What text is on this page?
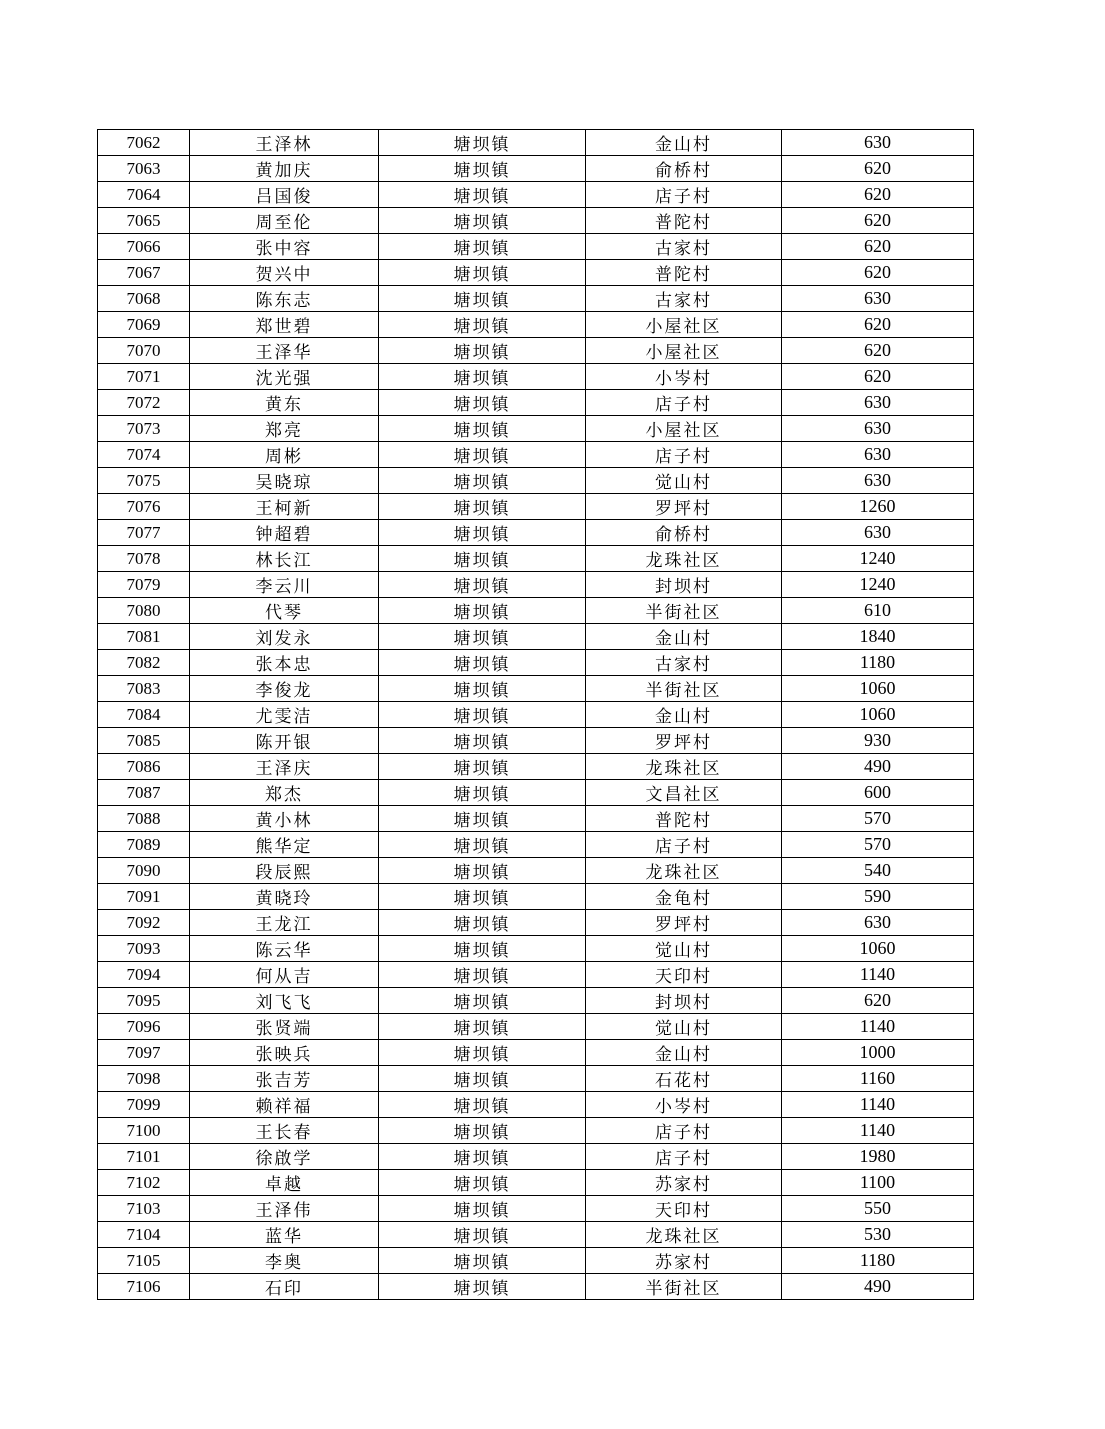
7062	王泽林	塘坝镇	金山村	630
7063	黄加庆	塘坝镇	俞桥村	620
7064	吕国俊	塘坝镇	店子村	620
7065	周至伦	塘坝镇	普陀村	620
7066	张中容	塘坝镇	古家村	620
7067	贺兴中	塘坝镇	普陀村	620
7068	陈东志	塘坝镇	古家村	630
7069	郑世碧	塘坝镇	小屋社区	620
7070	王泽华	塘坝镇	小屋社区	620
7071	沈光强	塘坝镇	小岑村	620
7072	黄东	塘坝镇	店子村	630
7073	郑亮	塘坝镇	小屋社区	630
7074	周彬	塘坝镇	店子村	630
7075	吴晓琼	塘坝镇	觉山村	630
7076	王柯新	塘坝镇	罗坪村	1260
7077	钟超碧	塘坝镇	俞桥村	630
7078	林长江	塘坝镇	龙珠社区	1240
7079	李云川	塘坝镇	封坝村	1240
7080	代琴	塘坝镇	半街社区	610
7081	刘发永	塘坝镇	金山村	1840
7082	张本忠	塘坝镇	古家村	1180
7083	李俊龙	塘坝镇	半街社区	1060
7084	尤雯洁	塘坝镇	金山村	1060
7085	陈开银	塘坝镇	罗坪村	930
7086	王泽庆	塘坝镇	龙珠社区	490
7087	郑杰	塘坝镇	文昌社区	600
7088	黄小林	塘坝镇	普陀村	570
7089	熊华定	塘坝镇	店子村	570
7090	段辰熙	塘坝镇	龙珠社区	540
7091	黄晓玲	塘坝镇	金龟村	590
7092	王龙江	塘坝镇	罗坪村	630
7093	陈云华	塘坝镇	觉山村	1060
7094	何从吉	塘坝镇	天印村	1140
7095	刘飞飞	塘坝镇	封坝村	620
7096	张贤端	塘坝镇	觉山村	1140
7097	张映兵	塘坝镇	金山村	1000
7098	张吉芳	塘坝镇	石花村	1160
7099	赖祥福	塘坝镇	小岑村	1140
7100	王长春	塘坝镇	店子村	1140
7101	徐啟学	塘坝镇	店子村	1980
7102	卓越	塘坝镇	苏家村	1100
7103	王泽伟	塘坝镇	天印村	550
7104	蓝华	塘坝镇	龙珠社区	530
7105	李奥	塘坝镇	苏家村	1180
7106	石印	塘坝镇	半街社区	490
